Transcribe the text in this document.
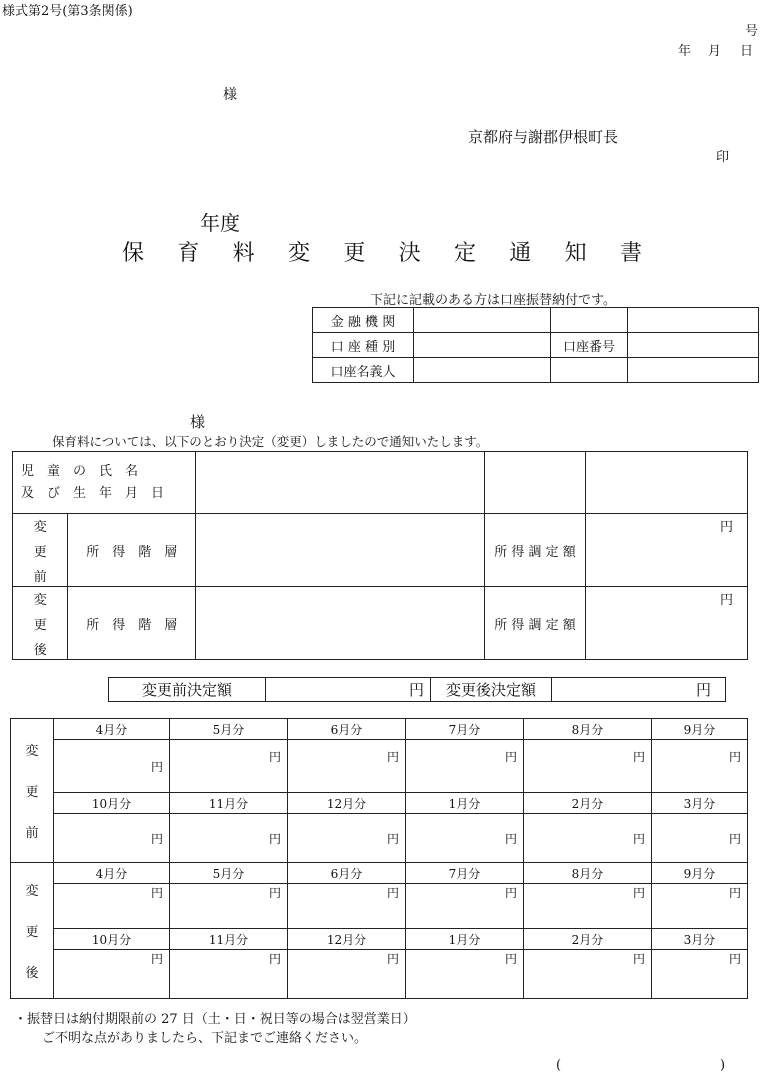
様式第2号(第3条関係)
号
年 月 日
様
京都府与謝郡伊根町長
印
年度
保 育 料 変 更 決 定 通 知 書
下記に記載のある方は口座振替納付です。
金 融 機 関			
口 座 種 別		口座番号	
口座名義人			
様
保育料については、以下のとおり決定（変更）しましたので通知いたします。
児　童　の　氏　名
及　び　生　年　月　日				

変
更
前	所　得　階　層		所 得 調 定 額	円

変
更
後	所　得　階　層		所 得 調 定 額	円
変更前決定額	円	変更後決定額	円
変
更
前	4月分	5月分	6月分	7月分	8月分	9月分
	円	円	円	円	円	円
	10月分	11月分	12月分	1月分	2月分	3月分
	円	円	円	円	円	円

変
更
後	4月分	5月分	6月分	7月分	8月分	9月分
	円	円	円	円	円	円
	10月分	11月分	12月分	1月分	2月分	3月分
	円	円	円	円	円	円
・振替日は納付期限前の 27 日（土・日・祝日等の場合は翌営業日）
ご不明な点がありましたら、下記までご連絡ください。
(	)
